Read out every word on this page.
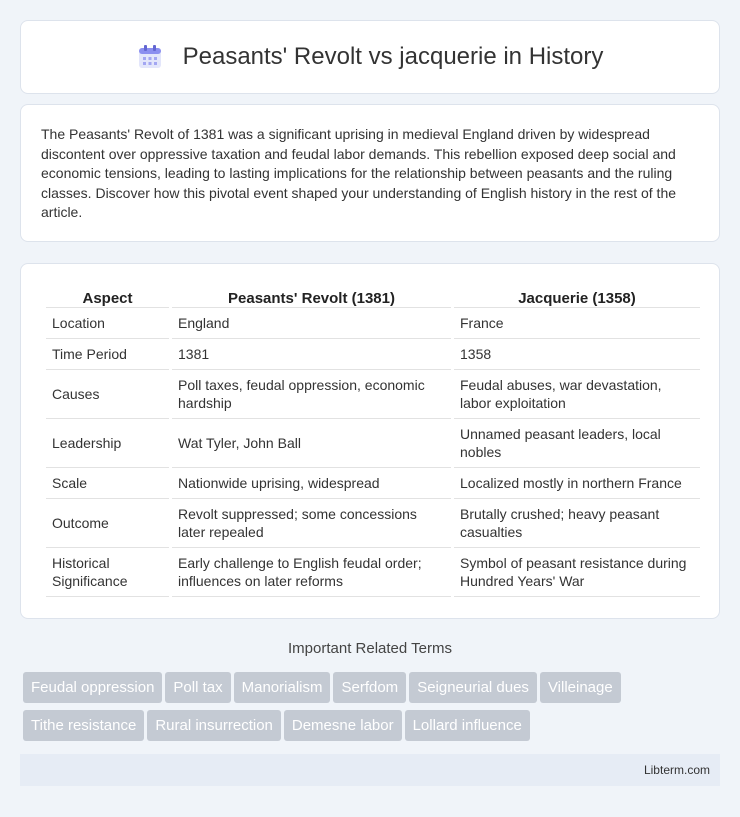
Peasants' Revolt vs jacquerie in History

The Peasants' Revolt of 1381 was a significant uprising in medieval England driven by widespread discontent over oppressive taxation and feudal labor demands. This rebellion exposed deep social and economic tensions, leading to lasting implications for the relationship between peasants and the ruling classes. Discover how this pivotal event shaped your understanding of English history in the rest of the article.

Aspect	Peasants' Revolt (1381)	Jacquerie (1358)
Location	England	France
Time Period	1381	1358
Causes	Poll taxes, feudal oppression, economic hardship	Feudal abuses, war devastation, labor exploitation
Leadership	Wat Tyler, John Ball	Unnamed peasant leaders, local nobles
Scale	Nationwide uprising, widespread	Localized mostly in northern France
Outcome	Revolt suppressed; some concessions later repealed	Brutally crushed; heavy peasant casualties
Historical Significance	Early challenge to English feudal order; influences on later reforms	Symbol of peasant resistance during Hundred Years' War
Important Related Terms
Feudal oppression Poll tax Manorialism Serfdom Seigneurial dues Villeinage
Tithe resistance Rural insurrection Demesne labor Lollard influence
Libterm.com
